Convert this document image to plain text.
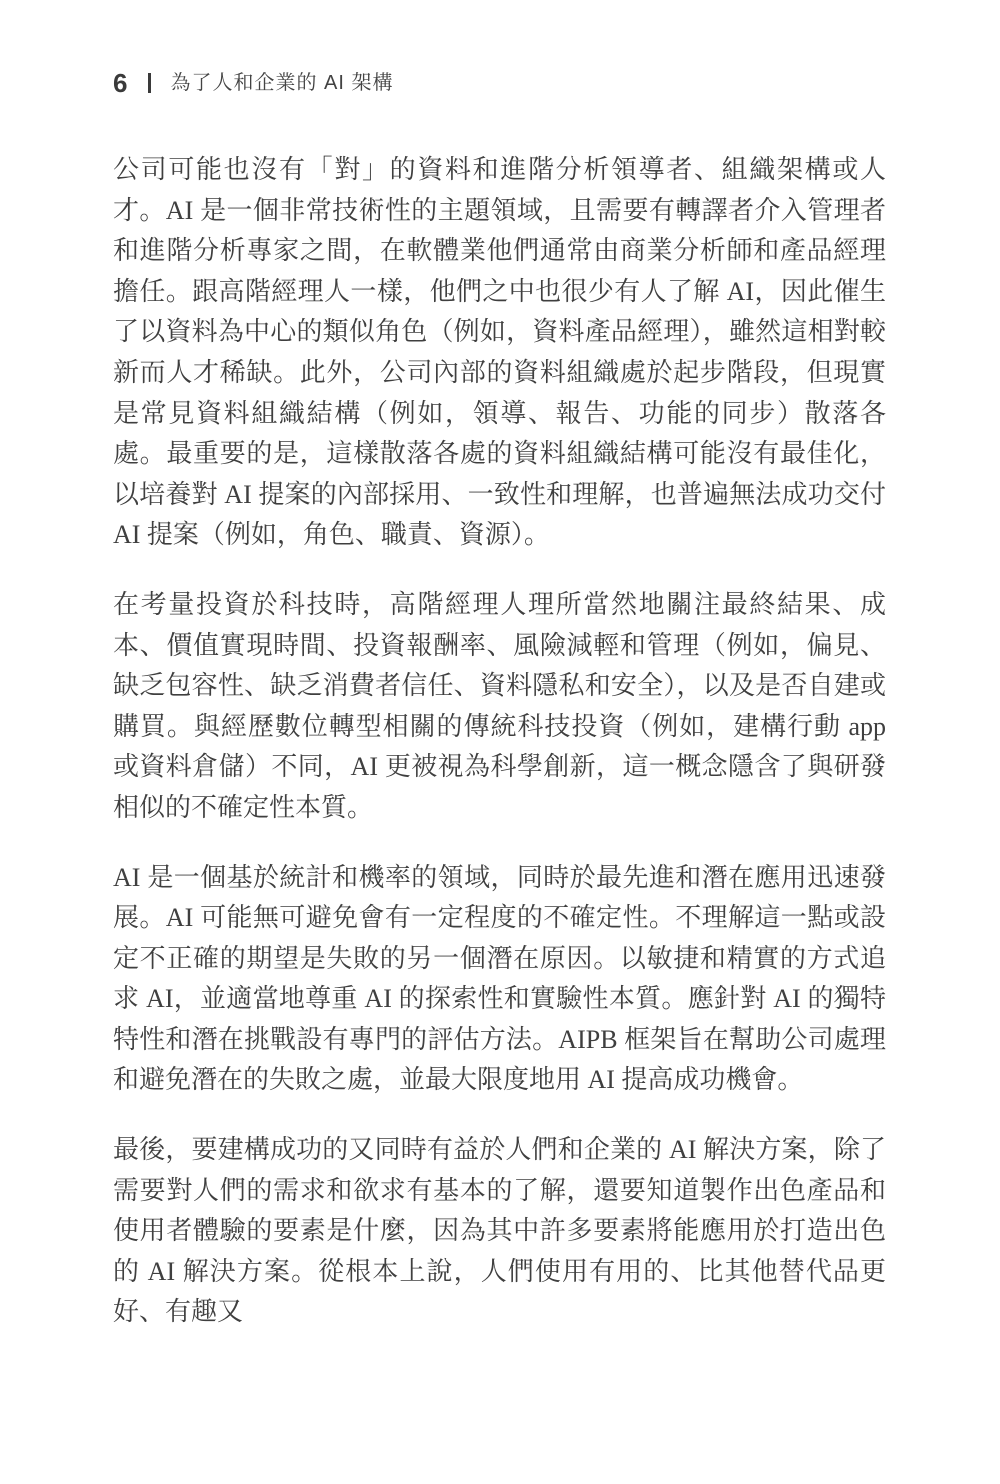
6 為了人和企業的 AI 架構

公司可能也沒有「對」的資料和進階分析領導者、組織架構或人才。AI 是一個非常技術性的主題領域，且需要有轉譯者介入管理者和進階分析專家之間，在軟體業他們通常由商業分析師和產品經理擔任。跟高階經理人一樣，他們之中也很少有人了解 AI，因此催生了以資料為中心的類似角色（例如，資料產品經理），雖然這相對較新而人才稀缺。此外，公司內部的資料組織處於起步階段，但現實是常見資料組織結構（例如，領導、報告、功能的同步）散落各處。最重要的是，這樣散落各處的資料組織結構可能沒有最佳化，以培養對 AI 提案的內部採用、一致性和理解，也普遍無法成功交付 AI 提案（例如，角色、職責、資源）。

在考量投資於科技時，高階經理人理所當然地關注最終結果、成本、價值實現時間、投資報酬率、風險減輕和管理（例如，偏見、缺乏包容性、缺乏消費者信任、資料隱私和安全），以及是否自建或購買。與經歷數位轉型相關的傳統科技投資（例如，建構行動 app 或資料倉儲）不同，AI 更被視為科學創新，這一概念隱含了與研發相似的不確定性本質。

AI 是一個基於統計和機率的領域，同時於最先進和潛在應用迅速發展。AI 可能無可避免會有一定程度的不確定性。不理解這一點或設定不正確的期望是失敗的另一個潛在原因。以敏捷和精實的方式追求 AI，並適當地尊重 AI 的探索性和實驗性本質。應針對 AI 的獨特特性和潛在挑戰設有專門的評估方法。AIPB 框架旨在幫助公司處理和避免潛在的失敗之處，並最大限度地用 AI 提高成功機會。

最後，要建構成功的又同時有益於人們和企業的 AI 解決方案，除了需要對人們的需求和欲求有基本的了解，還要知道製作出色產品和使用者體驗的要素是什麼，因為其中許多要素將能應用於打造出色的 AI 解決方案。從根本上說，人們使用有用的、比其他替代品更好、有趣又
